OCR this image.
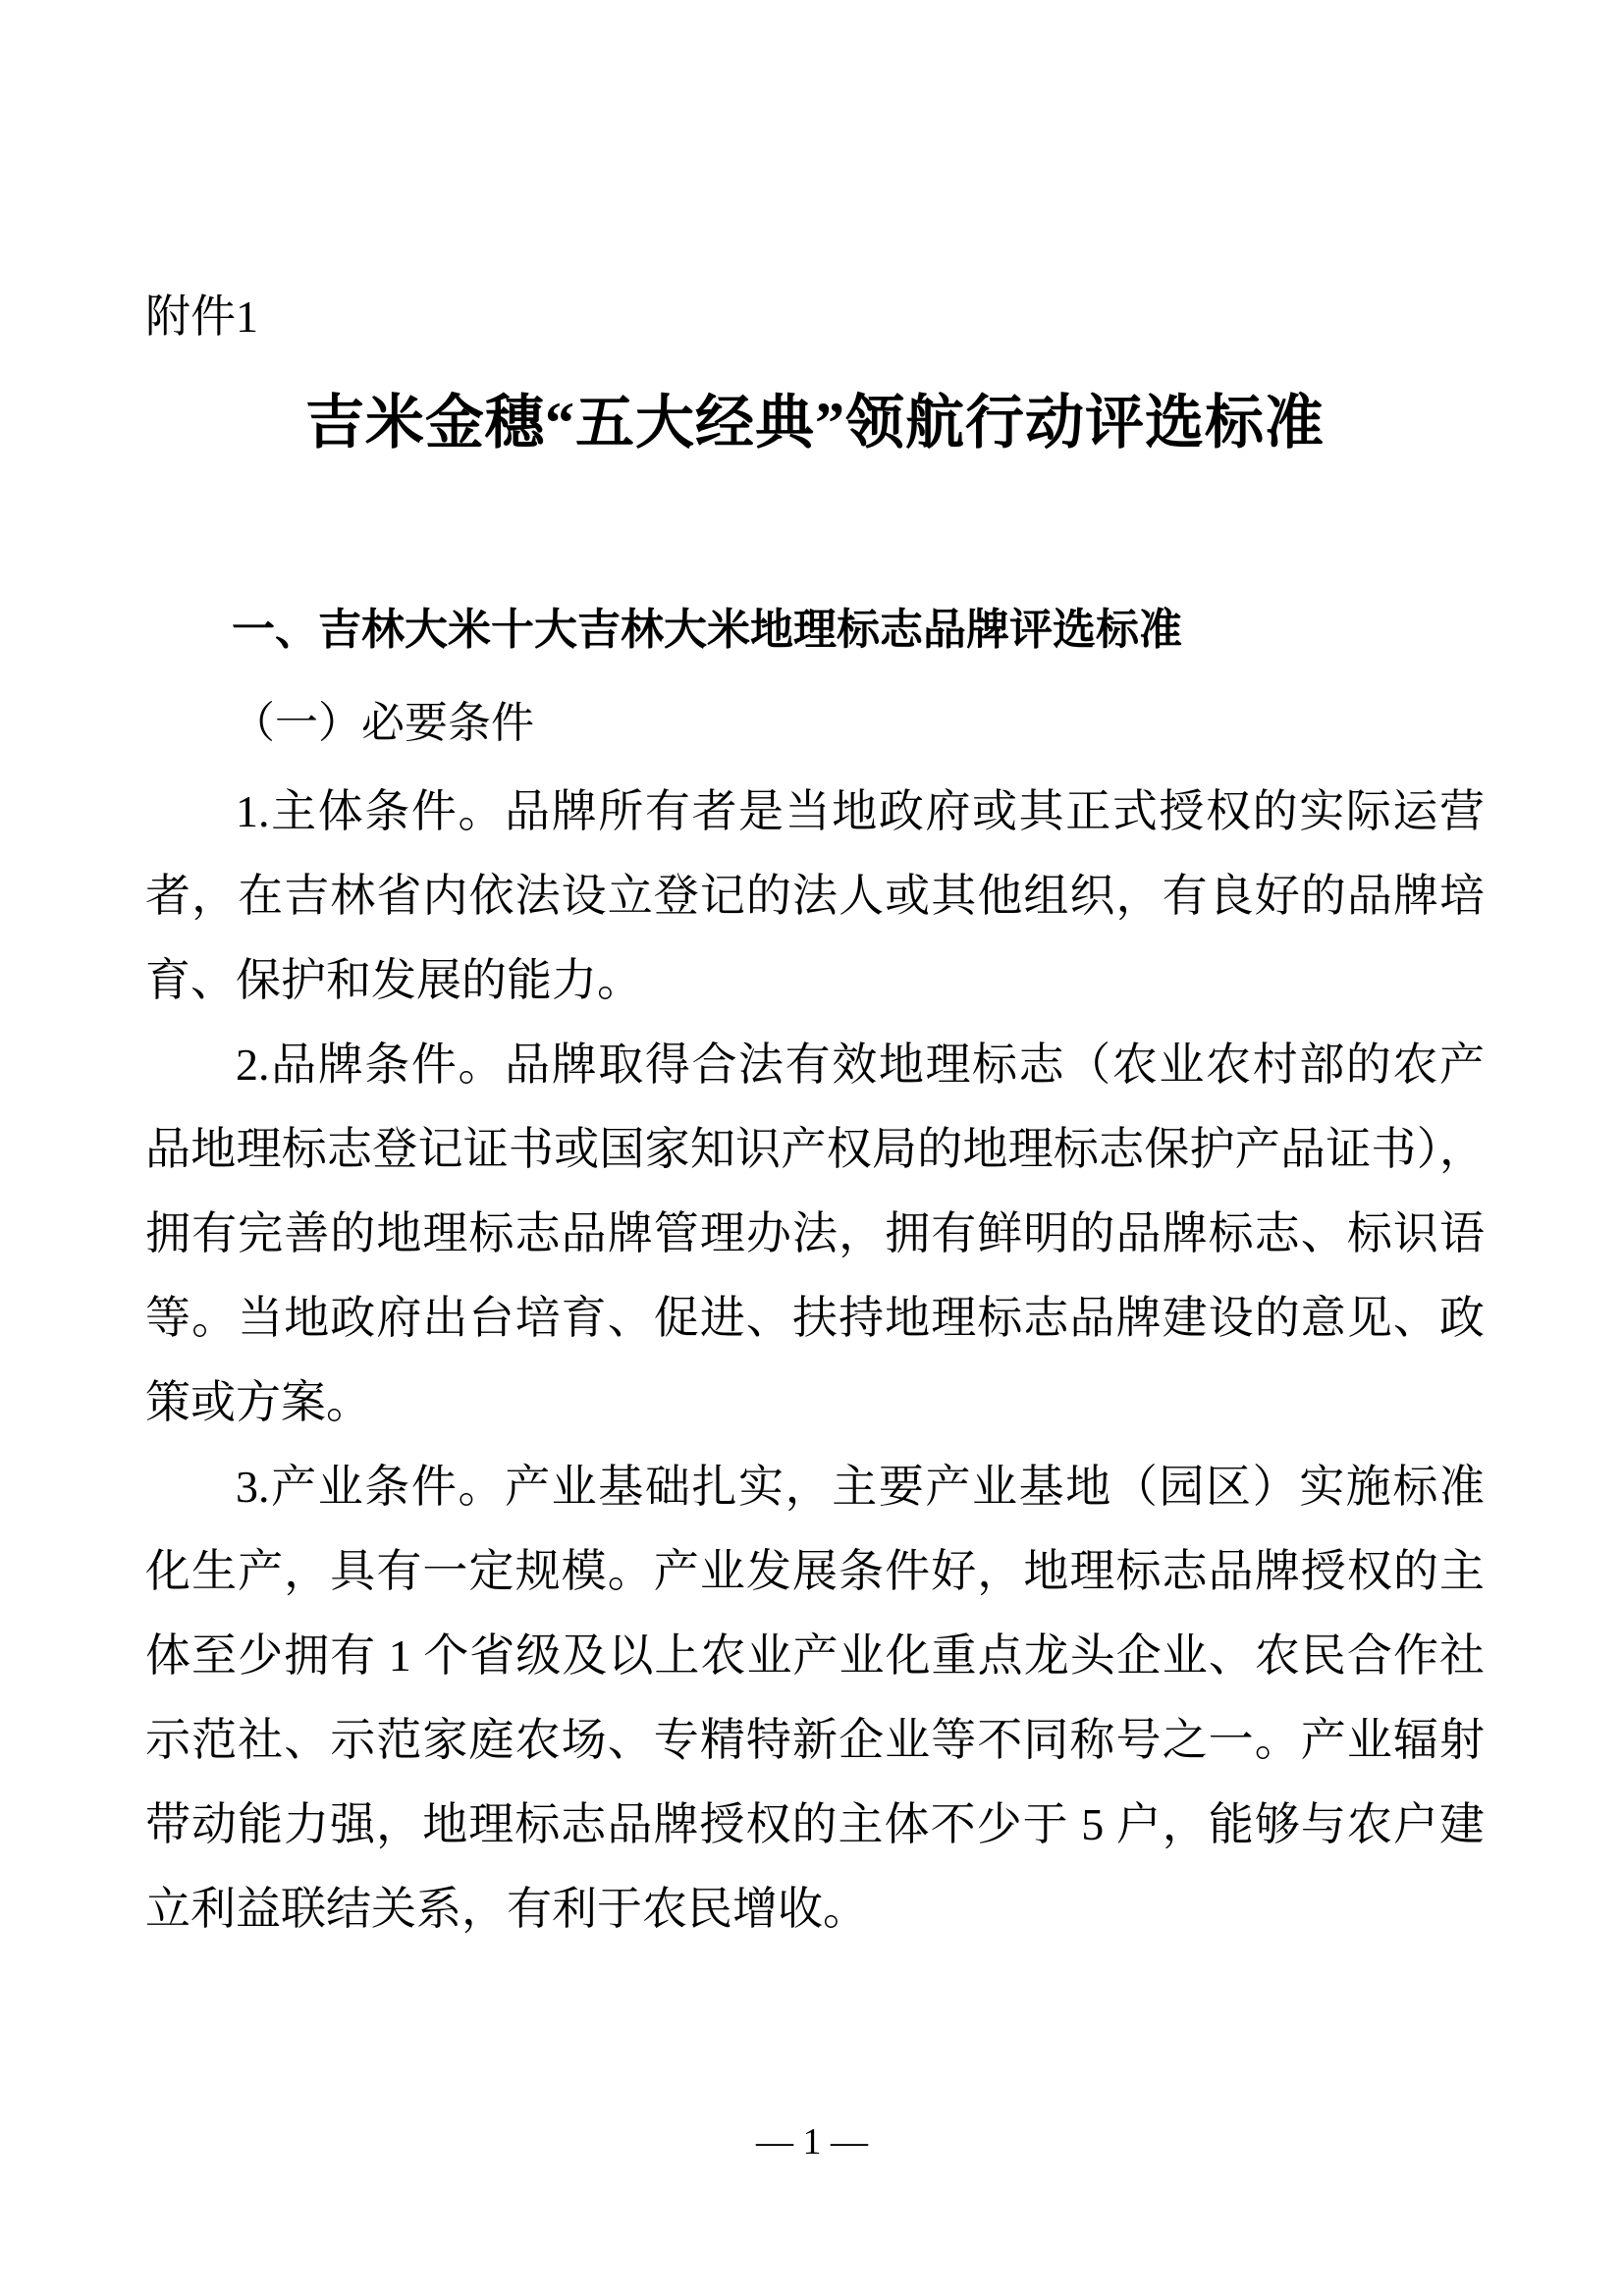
附件1
吉米金穗“五大经典”领航行动评选标准
一、吉林大米十大吉林大米地理标志品牌评选标准
（一）必要条件

1.主体条件。品牌所有者是当地政府或其正式授权的实际运营者，在吉林省内依法设立登记的法人或其他组织，有良好的品牌培育、保护和发展的能力。

2.品牌条件。品牌取得合法有效地理标志（农业农村部的农产品地理标志登记证书或国家知识产权局的地理标志保护产品证书），拥有完善的地理标志品牌管理办法，拥有鲜明的品牌标志、标识语等。当地政府出台培育、促进、扶持地理标志品牌建设的意见、政策或方案。

3.产业条件。产业基础扎实，主要产业基地（园区）实施标准化生产，具有一定规模。产业发展条件好，地理标志品牌授权的主体至少拥有 1 个省级及以上农业产业化重点龙头企业、农民合作社示范社、示范家庭农场、专精特新企业等不同称号之一。产业辐射带动能力强，地理标志品牌授权的主体不少于 5 户，能够与农户建立利益联结关系，有利于农民增收。

— 1 —
